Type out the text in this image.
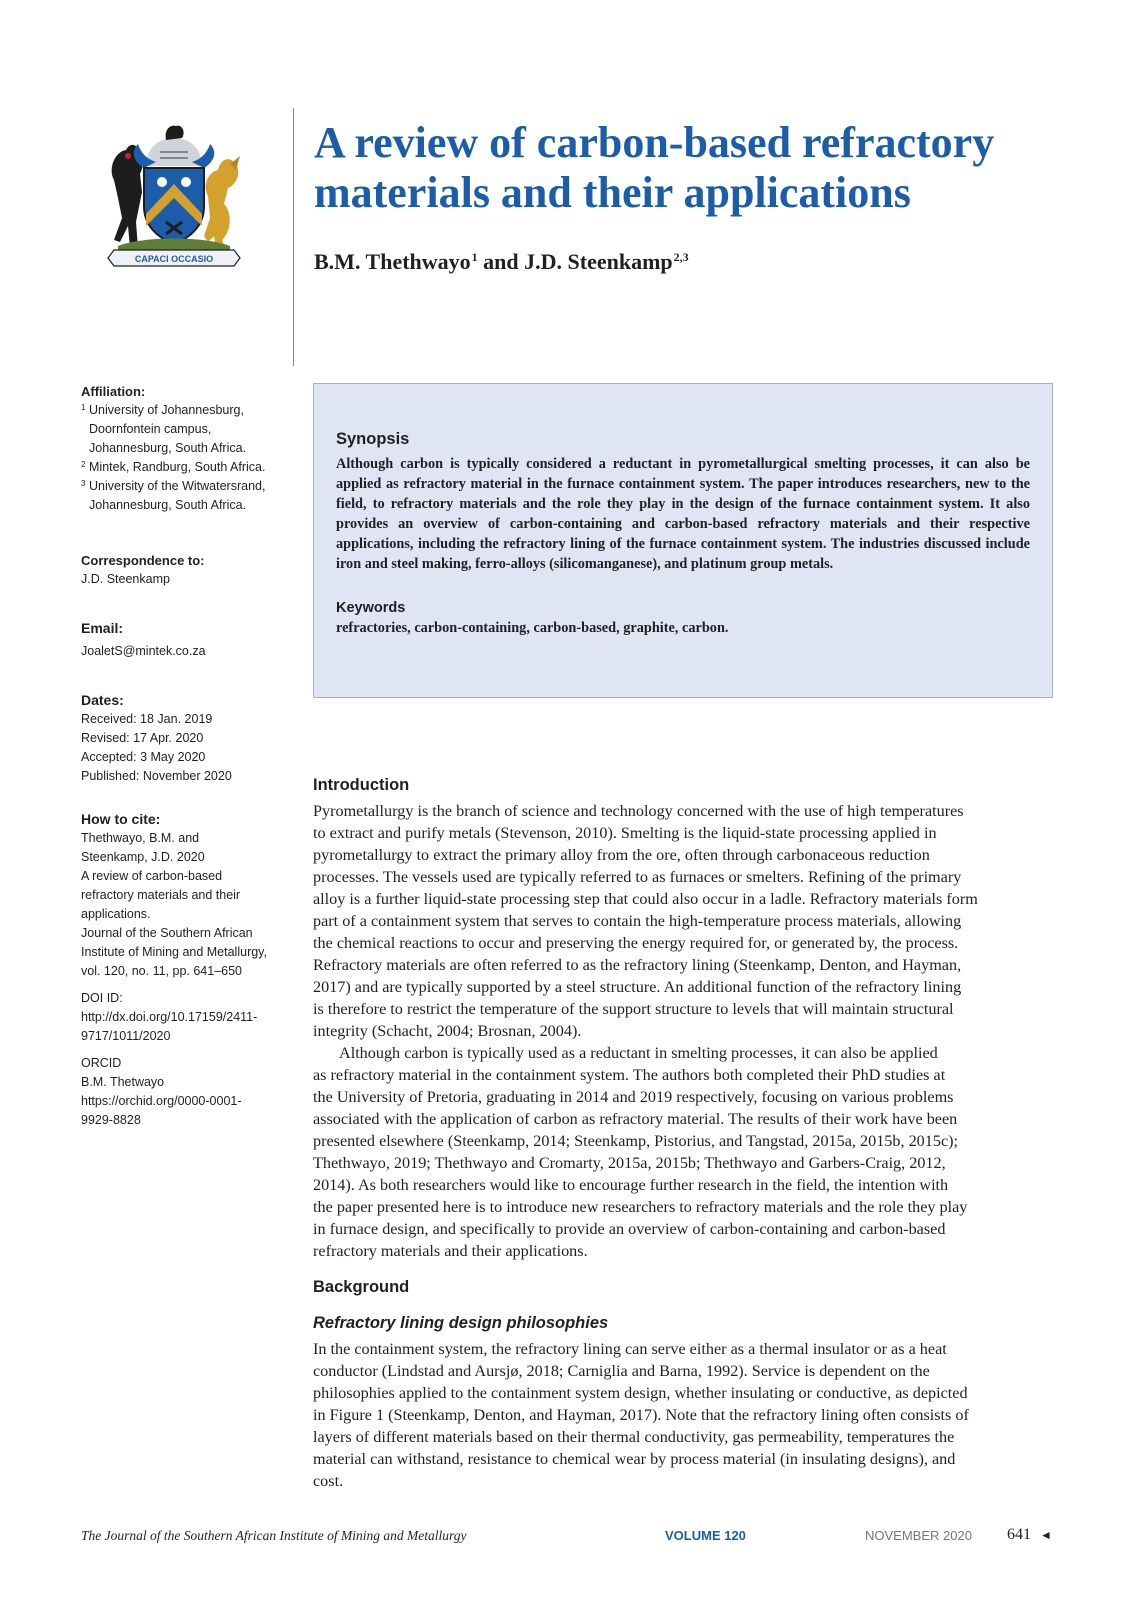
CAPACI OCCASIO
A review of carbon-based refractory materials and their applications

B.M. Thethwayo$^1$ and J.D. Steenkamp$^{2,3}$

Affiliation:
1 University of Johannesburg,
Doornfontein campus,
Johannesburg, South Africa.
2 Mintek, Randburg, South Africa.
3 University of the Witwatersrand,
Johannesburg, South Africa.
Correspondence to:
J.D. Steenkamp
Email:
JoaletS@mintek.co.za
Dates:
Received: 18 Jan. 2019
Revised: 17 Apr. 2020
Accepted: 3 May 2020
Published: November 2020
How to cite:
Thethwayo, B.M. and
Steenkamp, J.D. 2020
A review of carbon-based
refractory materials and their
applications.
Journal of the Southern African
Institute of Mining and Metallurgy,
vol. 120, no. 11, pp. 641–650
DOI ID:
http://dx.doi.org/10.17159/2411-
9717/1011/2020
ORCID
B.M. Thetwayo
https://orchid.org/0000-0001-
9929-8828
Synopsis

Although carbon is typically considered a reductant in pyrometallurgical smelting processes, it can also be applied as refractory material in the furnace containment system. The paper introduces researchers, new to the field, to refractory materials and the role they play in the design of the furnace containment system. It also provides an overview of carbon-containing and carbon-based refractory materials and their respective applications, including the refractory lining of the furnace containment system. The industries discussed include iron and steel making, ferro-alloys (silicomanganese), and platinum group metals.

Keywords

refractories, carbon-containing, carbon-based, graphite, carbon.

Introduction

Pyrometallurgy is the branch of science and technology concerned with the use of high temperatures
to extract and purify metals (Stevenson, 2010). Smelting is the liquid-state processing applied in
pyrometallurgy to extract the primary alloy from the ore, often through carbonaceous reduction
processes. The vessels used are typically referred to as furnaces or smelters. Refining of the primary
alloy is a further liquid-state processing step that could also occur in a ladle. Refractory materials form
part of a containment system that serves to contain the high-temperature process materials, allowing
the chemical reactions to occur and preserving the energy required for, or generated by, the process.
Refractory materials are often referred to as the refractory lining (Steenkamp, Denton, and Hayman,
2017) and are typically supported by a steel structure. An additional function of the refractory lining
is therefore to restrict the temperature of the support structure to levels that will maintain structural
integrity (Schacht, 2004; Brosnan, 2004).

Although carbon is typically used as a reductant in smelting processes, it can also be applied
as refractory material in the containment system. The authors both completed their PhD studies at
the University of Pretoria, graduating in 2014 and 2019 respectively, focusing on various problems
associated with the application of carbon as refractory material. The results of their work have been
presented elsewhere (Steenkamp, 2014; Steenkamp, Pistorius, and Tangstad, 2015a, 2015b, 2015c);
Thethwayo, 2019; Thethwayo and Cromarty, 2015a, 2015b; Thethwayo and Garbers-Craig, 2012,
2014). As both researchers would like to encourage further research in the field, the intention with
the paper presented here is to introduce new researchers to refractory materials and the role they play
in furnace design, and specifically to provide an overview of carbon-containing and carbon-based
refractory materials and their applications.

Background
Refractory lining design philosophies

In the containment system, the refractory lining can serve either as a thermal insulator or as a heat
conductor (Lindstad and Aursjø, 2018; Carniglia and Barna, 1992). Service is dependent on the
philosophies applied to the containment system design, whether insulating or conductive, as depicted
in Figure 1 (Steenkamp, Denton, and Hayman, 2017). Note that the refractory lining often consists of
layers of different materials based on their thermal conductivity, gas permeability, temperatures the
material can withstand, resistance to chemical wear by process material (in insulating designs), and
cost.

The Journal of the Southern African Institute of Mining and Metallurgy	VOLUME 120	NOVEMBER 2020 641 ◄
